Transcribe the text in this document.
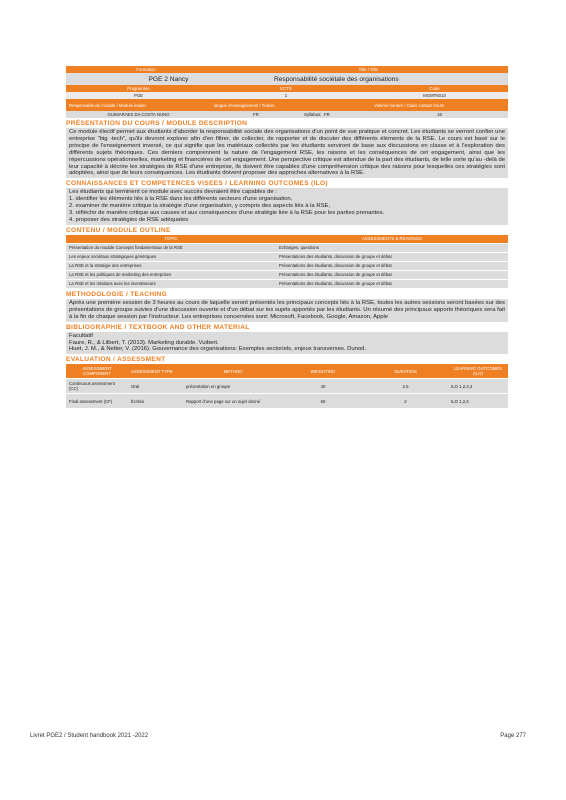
Formation	Title / Title
PGE 2 Nancy	Responsabilité sociétale des organisations
Programme	ECTS	Code
PGE	1	MGMT6010
Responsable de module / Module leader	langue d'enseignement / Tuition	Volume horaire / Class contact hours
GUIMARAES DA COSTA NUNO	FR	Syllabus: FR	16
PRÉSENTATION DU COURS / MODULE DESCRIPTION
Ce module électif permet aux étudiants d'aborder la responsabilité sociale des organisations d'un point de vue pratique et concret. Les étudiants se verront confier une entreprise "big -tech", qu'ils devront explorer afin d'en filtrer, de collecter, de rapporter et de discuter des différents éléments de la RSE. Le cours est basé sur le principe de l'enseignement inversé, ce qui signifie que les matériaux collectés par les étudiants serviront de base aux discussions en classe et à l'exploration des différents sujets théoriques. Ces derniers comprennent la nature de l'engagement RSE, les raisons et les conséquences de cet engagement, ainsi que les répercussions opérationnelles, marketing et financières de cet engagement. Une perspective critique est attendue de la part des étudiants, de telle sorte qu'au -delà de leur capacité à décrire les stratégies de RSE d'une entreprise, ils doivent être capables d'une compréhension critique des raisons pour lesquelles ces stratégies sont adoptées, ainsi que de leurs conséquences. Les étudiants doivent proposer des approches alternatives à la RSE.
CONNAISSANCES ET COMPETENCES VISEES / LEARNING OUTCOMES (ILO)
Les étudiants qui terminent ce module avec succès devraient être capables de :
1. identifier les éléments liés à la RSE dans les différents secteurs d'une organisation,
2. examiner de manière critique la stratégie d'une organisation, y compris des aspects liés à la RSE,
3. réfléchir de manière critique aux causes et aux conséquences d'une stratégie liée à la RSE pour les parties prenantes.
4. proposer des stratégies de RSE adéquates
CONTENU / MODULE OUTLINE
TOPIC	ASSESSMENTS & READINGS
Présentation du module Concepts fondamentaux de la RSE	Echanges, questions
Les enjeux sociétaux stratégiques génériques	Présentations des étudiants, discussion de groupe et débat
La RSE et la stratégie des entreprises	Présentations des étudiants, discussion de groupe et débat
La RSE et les politiques de marketing des entreprises	Présentations des étudiants, discussion de groupe et débat
La RSE et les relations avec les investisseurs	Présentations des étudiants, discussion de groupe et débat
METHODOLOGIE / TEACHING
Après une première session de 3 heures au cours de laquelle seront présentés les principaux concepts liés à la RSE, toutes les autres sessions seront basées sur des présentations de groupe suivies d'une discussion ouverte et d'un débat sur les sujets apportés par les étudiants. Un résumé des principaux apports théoriques sera fait à la fin de chaque session par l'instructeur. Les entreprises concernées sont: Microsoft, Facebook, Google, Amazon, Apple
BIBLIOGRAPHIE / TEXTBOOK AND OTHER MATERIAL
Facultatif
Faure, R., & Lilbert, T. (2013). Marketing durable. Vuibert.
Huet, J. M., & Netter, V. (2016). Gouvernance des organisations: Exemples sectoriels, enjeux transverses. Dunod.
EVALUATION / ASSESSMENT
ASSESSMENT COMPONENT	ASSESSMENT TYPE	METHOD	WEIGHTING	DURATION	LEARNING OUTCOMES (ILO)
Continuous assessment (CC)	Oral	présentation en groupe	40	2.5	ILO 1,2,3,4
Final assessment (CF)	Écrites	Rapport d'une page sur un sujet donné	60	2	ILO 1,2,3
Livret PGE2 / Student handbook 2021 -2022	Page 277
